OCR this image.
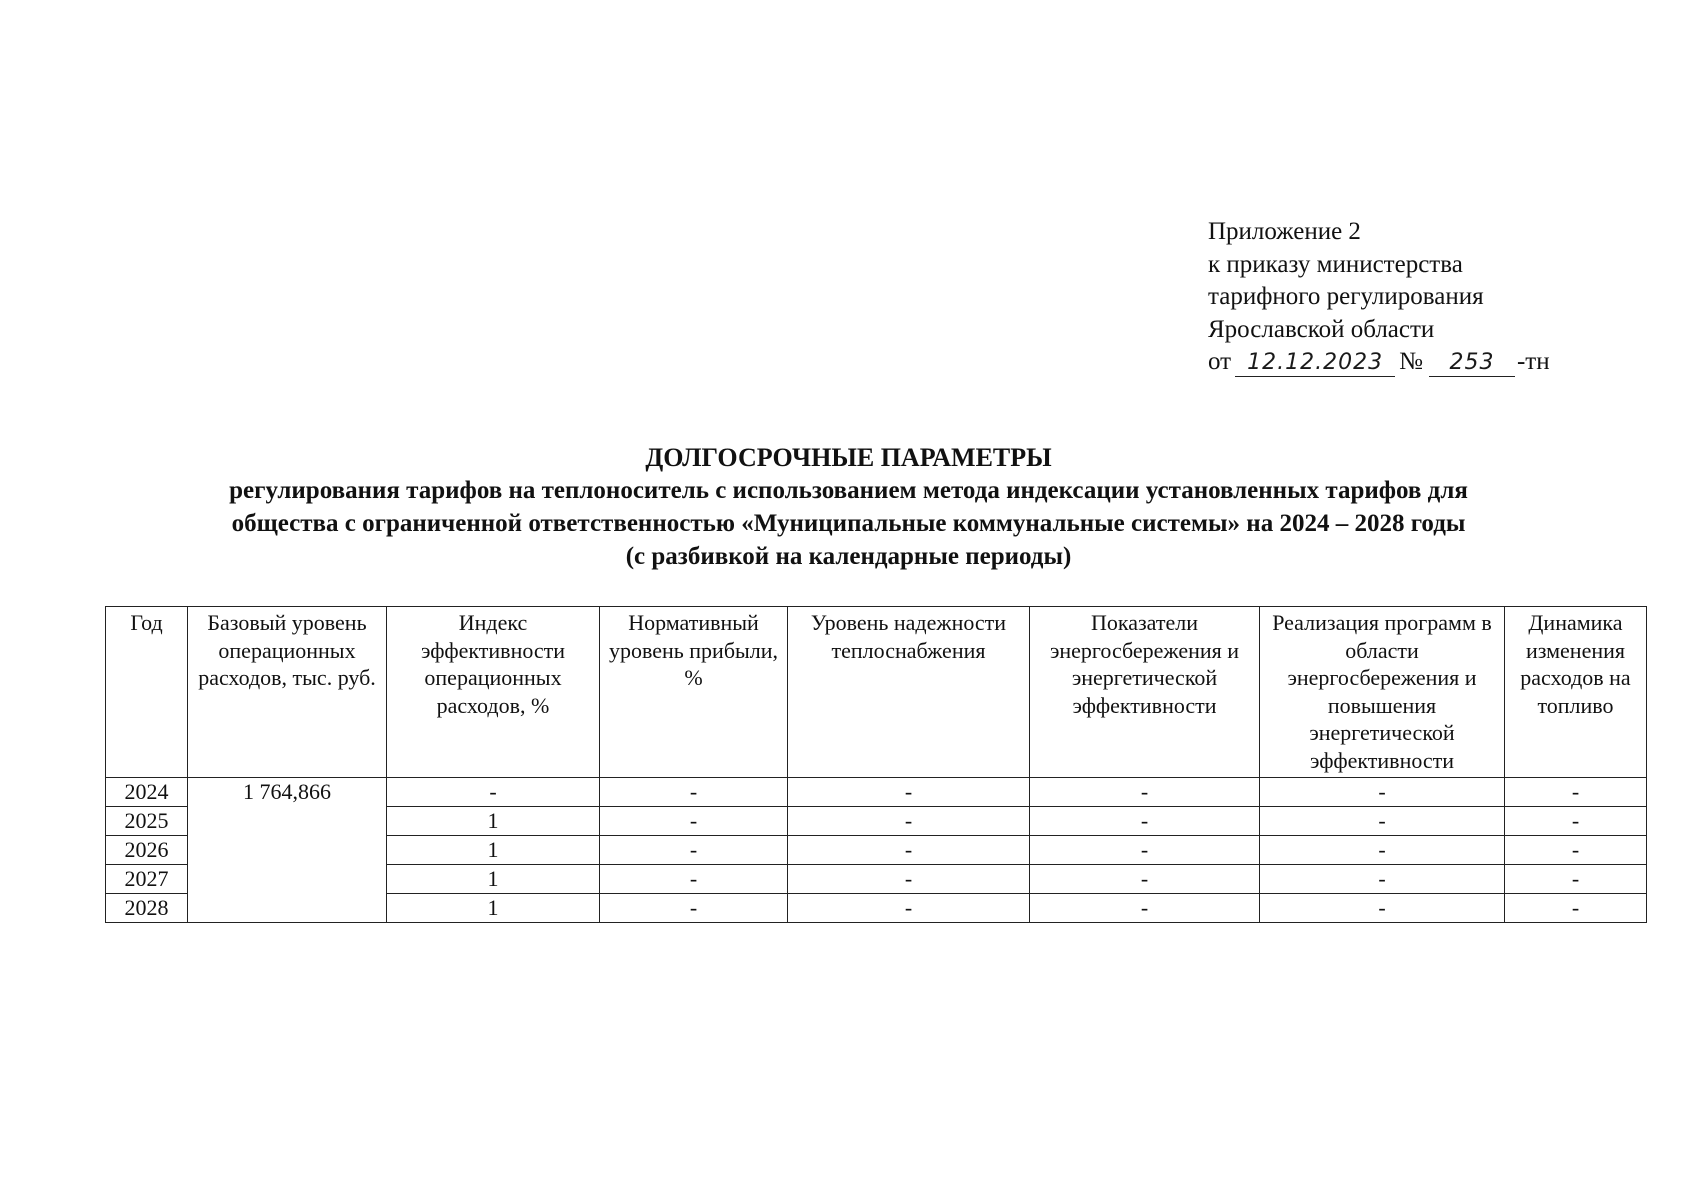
Приложение 2
к приказу министерства
тарифного регулирования
Ярославской области
от 12.12.2023 № 253 -тн
ДОЛГОСРОЧНЫЕ ПАРАМЕТРЫ
регулирования тарифов на теплоноситель с использованием метода индексации установленных тарифов для
общества с ограниченной ответственностью «Муниципальные коммунальные системы» на 2024 – 2028 годы
(с разбивкой на календарные периоды)
Год	Базовый уровень операционных расходов, тыс. руб.	Индекс эффективности операционных расходов, %	Нормативный уровень прибыли, %	Уровень надежности теплоснабжения	Показатели энергосбережения и энергетической эффективности	Реализация программ в области энергосбережения и повышения энергетической эффективности	Динамика изменения расходов на топливо
2024	1 764,866	-	-	-	-	-	-
2025		1	-	-	-	-	-
2026		1	-	-	-	-	-
2027		1	-	-	-	-	-
2028		1	-	-	-	-	-
